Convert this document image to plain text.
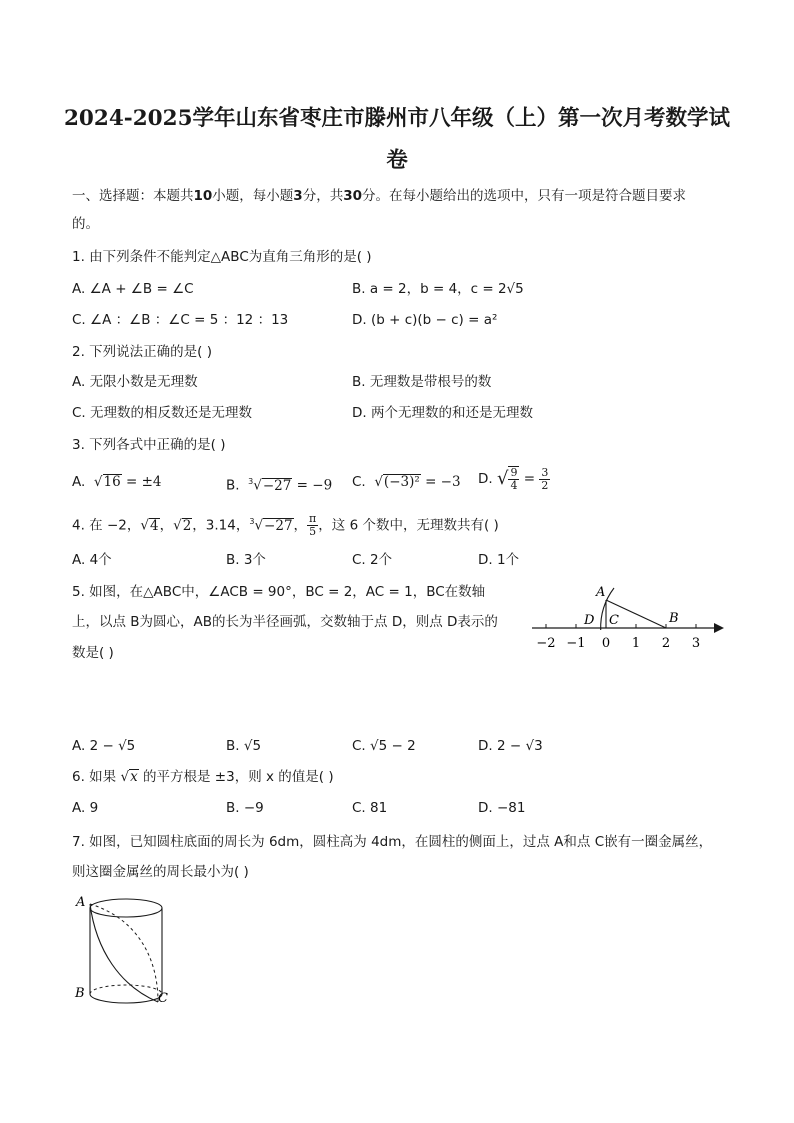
2024-2025学年山东省枣庄市滕州市八年级（上）第一次月考数学试
卷
一、选择题：本题共10小题，每小题3分，共30分。在每小题给出的选项中，只有一项是符合题目要求
的。
1. 由下列条件不能判定△ABC为直角三角形的是( )
A. ∠A + ∠B = ∠C	B. a = 2，b = 4，c = 2√5
C. ∠A ：∠B ：∠C = 5 ：12 ：13	D. (b + c)(b − c) = a²
2. 下列说法正确的是( )
A. 无限小数是无理数	B. 无理数是带根号的数
C. 无理数的相反数还是无理数	D. 两个无理数的和还是无理数
3. 下列各式中正确的是( )
A. √16 = ±4	B. $^3$√−27 = −9 C. √(−3)² = −3 D. √ $\frac{9}{4} = \frac{3}{2}$
4. 在 −2，√4，√2，3.14，$^3$√−27， $\frac{\pi}{5}$ ，这 6 个数中，无理数共有( )
A. 4个	B. 3个	C. 2个	D. 1个
5. 如图，在△ABC中，∠ACB = 90°，BC = 2，AC = 1，BC在数轴
上，以点 B为圆心，AB的长为半径画弧，交数轴于点 D，则点 D表示的
数是( )
A
B
C
D
−2 −1 0 1 2 3
A. 2 − √5	B. √5	C. √5 − 2	D. 2 − √3
6. 如果 √x 的平方根是 ±3，则 x 的值是( )
A. 9	B. −9	C. 81	D. −81
7. 如图，已知圆柱底面的周长为 6dm，圆柱高为 4dm，在圆柱的侧面上，过点 A和点 C嵌有一圈金属丝，
则这圈金属丝的周长最小为( )
A
B	C
